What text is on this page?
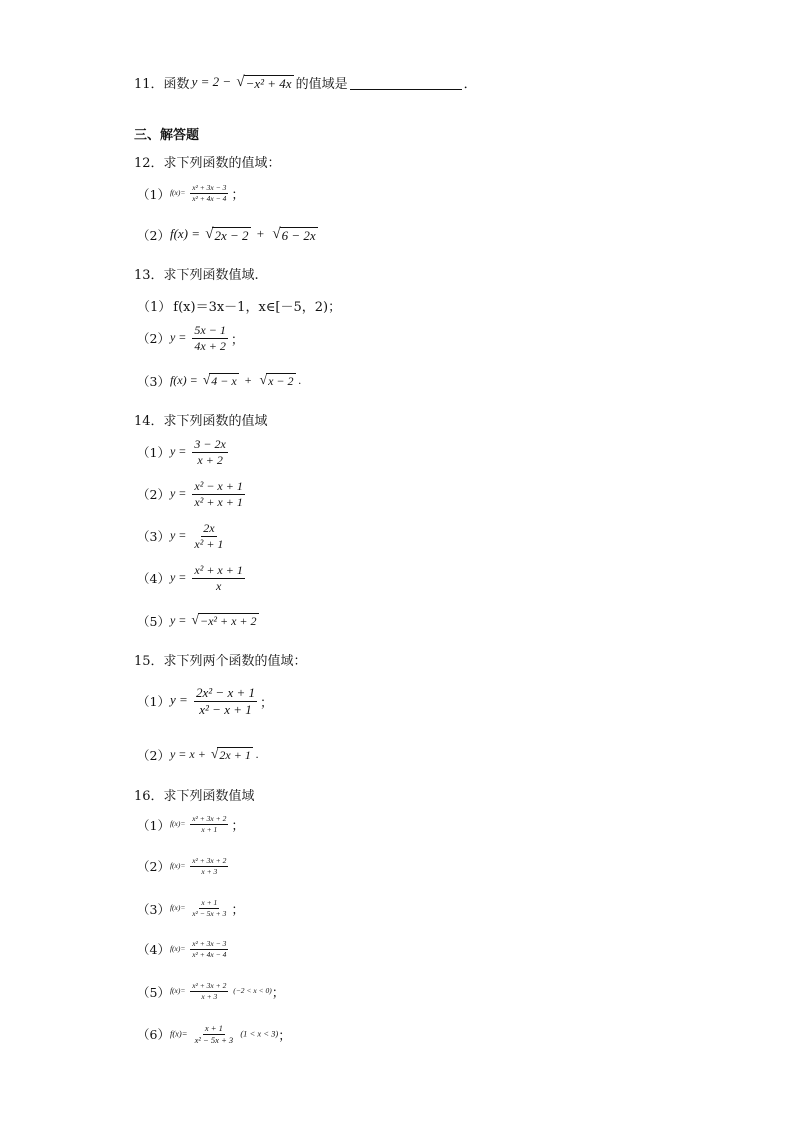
11． 函数 y = 2 − √ −x² + 4x 的值域是	．
三、解答题
12．求下列函数的值域：
（1） $f(x)= \frac{\text{x² + 3x − 3}}{\text{x² + 4x − 4}}$ ；
（2） f(x) = √ 2x − 2 + √ 6 − 2x
13．求下列函数值域.
（1） f(x)＝3x－1，x∈[－5，2)；
（2） $y = \frac{5x - 1}{4x + 2}$ ；
（3） f(x) = √ 4 − x + √ x − 2 .
14．求下列函数的值域
（1） $y = \frac{3 - 2x}{x + 2}$
（2） $y = \frac{\text{x² − x + 1}}{\text{x² + x + 1}}$
（3） $y = \frac{2x}{\text{x² + 1}}$
（4） $y = \frac{\text{x² + x + 1}}{x}$
（5） y = √ −x² + x + 2
15．求下列两个函数的值域：
（1） $y = \frac{\text{2x² − x + 1}}{\text{x² − x + 1}}$ ；
（2） y = x + √ 2x + 1 .
16．求下列函数值域
（1） $f(x)= \frac{\text{x² + 3x + 2}}{x + 1}$ ；
（2） $f(x)= \frac{\text{x² + 3x + 2}}{x + 3}$
（3） $f(x)= \frac{x + 1}{\text{x² − 5x + 3}}$ ；
（4） $f(x)= \frac{\text{x² + 3x − 3}}{\text{x² + 4x − 4}}$
（5） $f(x)= \frac{\text{x² + 3x + 2}}{x + 3} (-2 < x < 0)$ ；
（6） $f(x)= \frac{x + 1}{\text{x² − 5x + 3}} (1 < x < 3)$ ；
